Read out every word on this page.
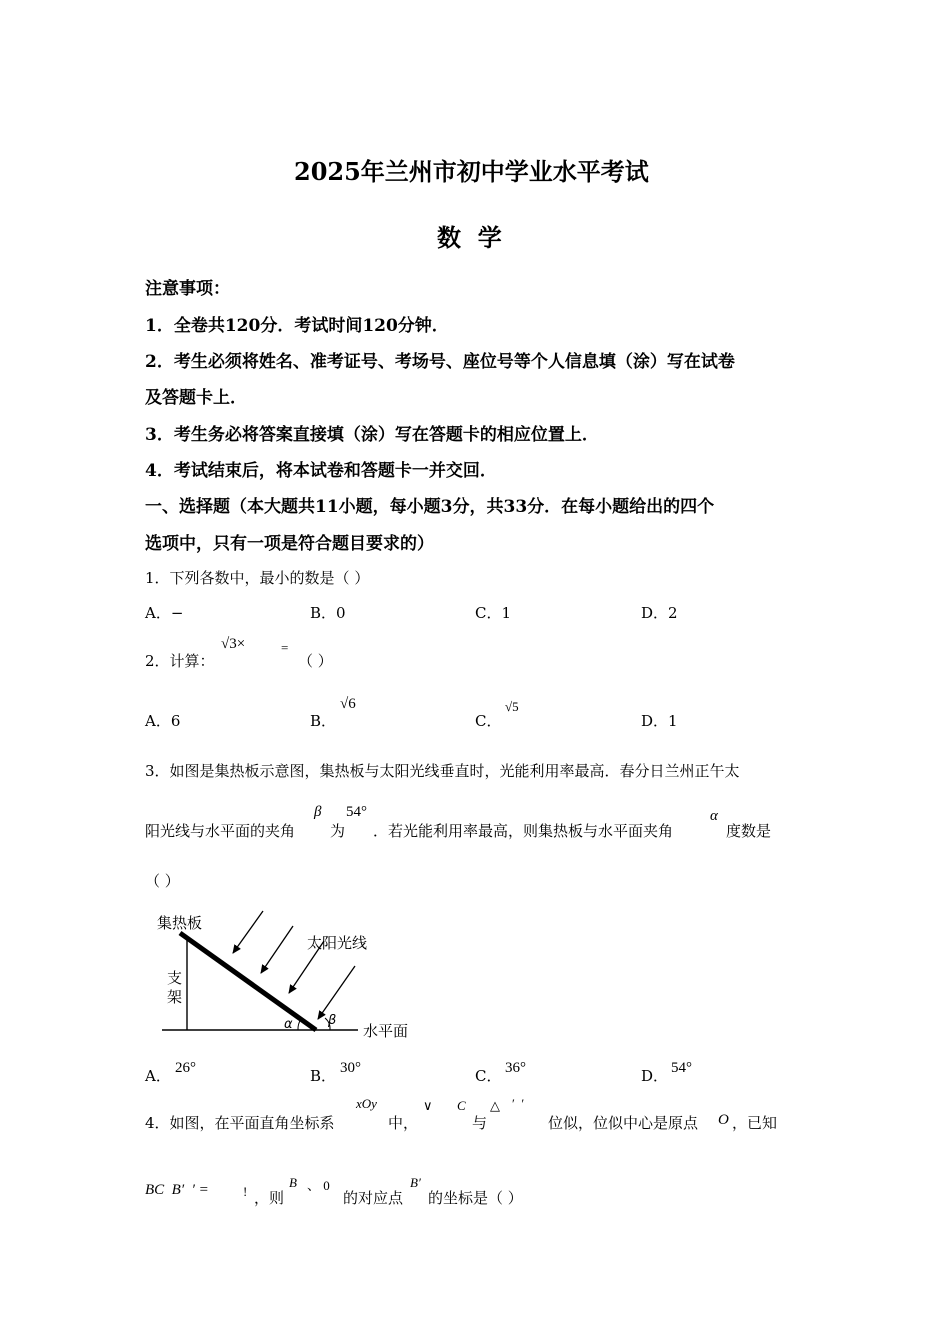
2025年兰州市初中学业水平考试
数  学
注意事项：
1．全卷共120分．考试时间120分钟．
2．考生必须将姓名、准考证号、考场号、座位号等个人信息填（涂）写在试卷
及答题卡上．
3．考生务必将答案直接填（涂）写在答题卡的相应位置上．
4．考试结束后，将本试卷和答题卡一并交回．
一、选择题（本大题共11小题，每小题3分，共33分．在每小题给出的四个
选项中，只有一项是符合题目要求的）
1．下列各数中，最小的数是（ ）
A．−	B．0	C．1	D．2
2．计算：
√3×	=
（ ）
A．6	B．
√6
C．
√5
D．1
3．如图是集热板示意图，集热板与太阳光线垂直时，光能利用率最高．春分日兰州正午太
阳光线与水平面的夹角
β
为
54°
．若光能利用率最高，则集热板与水平面夹角
α
度数是
（ ）
集热板
太阳光线
支
架
水平面
α	β
A． 26°	B． 30°	C． 36°	D． 54°
4．如图，在平面直角坐标系
xOy
中，
∨ C
与
△ ′  ′
位似，位似中心是原点 O ，已知
BC  B′  ′ =	! ，则
B 、 0
的对应点
B′
的坐标是（ ）
